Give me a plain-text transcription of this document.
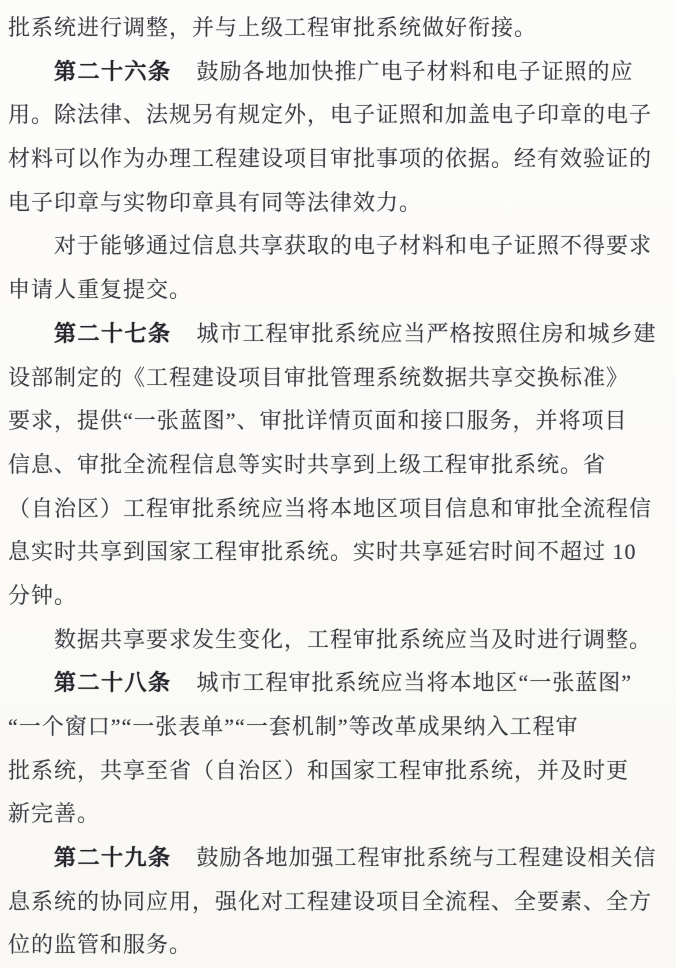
批系统进行调整，并与上级工程审批系统做好衔接。
第二十六条 鼓励各地加快推广电子材料和电子证照的应
用。除法律、法规另有规定外，电子证照和加盖电子印章的电子
材料可以作为办理工程建设项目审批事项的依据。经有效验证的
电子印章与实物印章具有同等法律效力。
对于能够通过信息共享获取的电子材料和电子证照不得要求
申请人重复提交。
第二十七条 城市工程审批系统应当严格按照住房和城乡建
设部制定的《工程建设项目审批管理系统数据共享交换标准》
要求，提供“一张蓝图”、审批详情页面和接口服务，并将项目
信息、审批全流程信息等实时共享到上级工程审批系统。省
（自治区）工程审批系统应当将本地区项目信息和审批全流程信
息实时共享到国家工程审批系统。实时共享延宕时间不超过 10
分钟。
数据共享要求发生变化，工程审批系统应当及时进行调整。
第二十八条 城市工程审批系统应当将本地区“一张蓝图”
“一个窗口”“一张表单”“一套机制”等改革成果纳入工程审
批系统，共享至省（自治区）和国家工程审批系统，并及时更
新完善。
第二十九条 鼓励各地加强工程审批系统与工程建设相关信
息系统的协同应用，强化对工程建设项目全流程、全要素、全方
位的监管和服务。
